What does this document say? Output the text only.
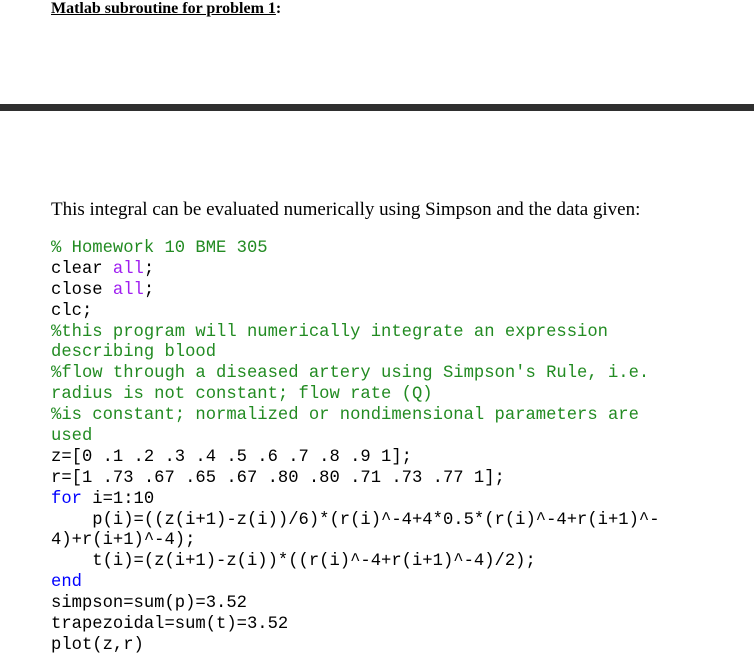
Matlab subroutine for problem 1:
This integral can be evaluated numerically using Simpson and the data given:
% Homework 10 BME 305
clear all;
close all;
clc;
%this program will numerically integrate an expression
describing blood
%flow through a diseased artery using Simpson's Rule, i.e.
radius is not constant; flow rate (Q)
%is constant; normalized or nondimensional parameters are
used
z=[0 .1 .2 .3 .4 .5 .6 .7 .8 .9 1];
r=[1 .73 .67 .65 .67 .80 .80 .71 .73 .77 1];
for i=1:10
p(i)=((z(i+1)-z(i))/6)*(r(i)^-4+4*0.5*(r(i)^-4+r(i+1)^-
4)+r(i+1)^-4);
t(i)=(z(i+1)-z(i))*((r(i)^-4+r(i+1)^-4)/2);
end
simpson=sum(p)=3.52
trapezoidal=sum(t)=3.52
plot(z,r)
